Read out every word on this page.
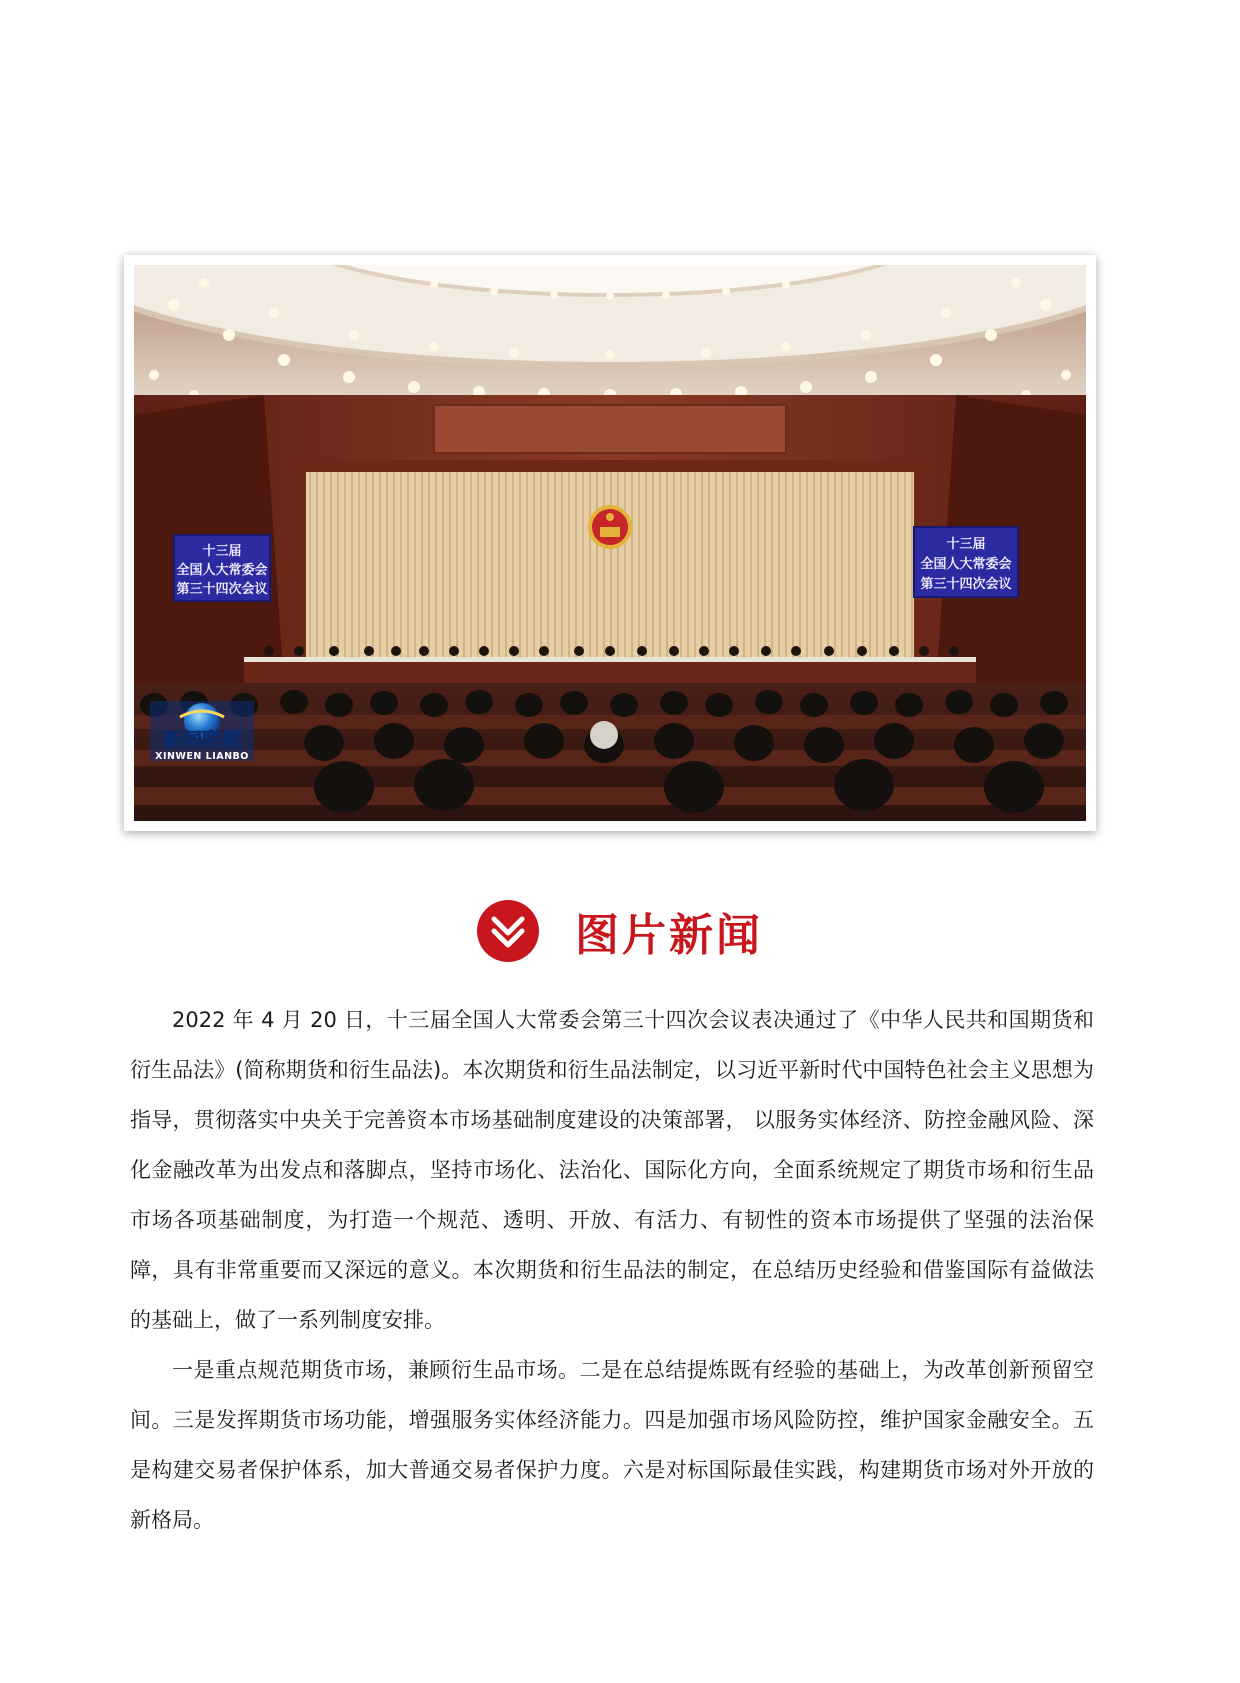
十三届
全国人大常委会
第三十四次会议
十三届
全国人大常委会
第三十四次会议
新闻联播
XINWEN LIANBO
图片新闻

2022 年 4 月 20 日，十三届全国人大常委会第三十四次会议表决通过了《中华人民共和国期货和衍生品法》(简称期货和衍生品法)。本次期货和衍生品法制定，以习近平新时代中国特色社会主义思想为指导，贯彻落实中央关于完善资本市场基础制度建设的决策部署， 以服务实体经济、防控金融风险、深化金融改革为出发点和落脚点，坚持市场化、法治化、国际化方向，全面系统规定了期货市场和衍生品市场各项基础制度，为打造一个规范、透明、开放、有活力、有韧性的资本市场提供了坚强的法治保障，具有非常重要而又深远的意义。本次期货和衍生品法的制定，在总结历史经验和借鉴国际有益做法的基础上，做了一系列制度安排。

一是重点规范期货市场，兼顾衍生品市场。二是在总结提炼既有经验的基础上，为改革创新预留空间。三是发挥期货市场功能，增强服务实体经济能力。四是加强市场风险防控，维护国家金融安全。五是构建交易者保护体系，加大普通交易者保护力度。六是对标国际最佳实践，构建期货市场对外开放的新格局。
